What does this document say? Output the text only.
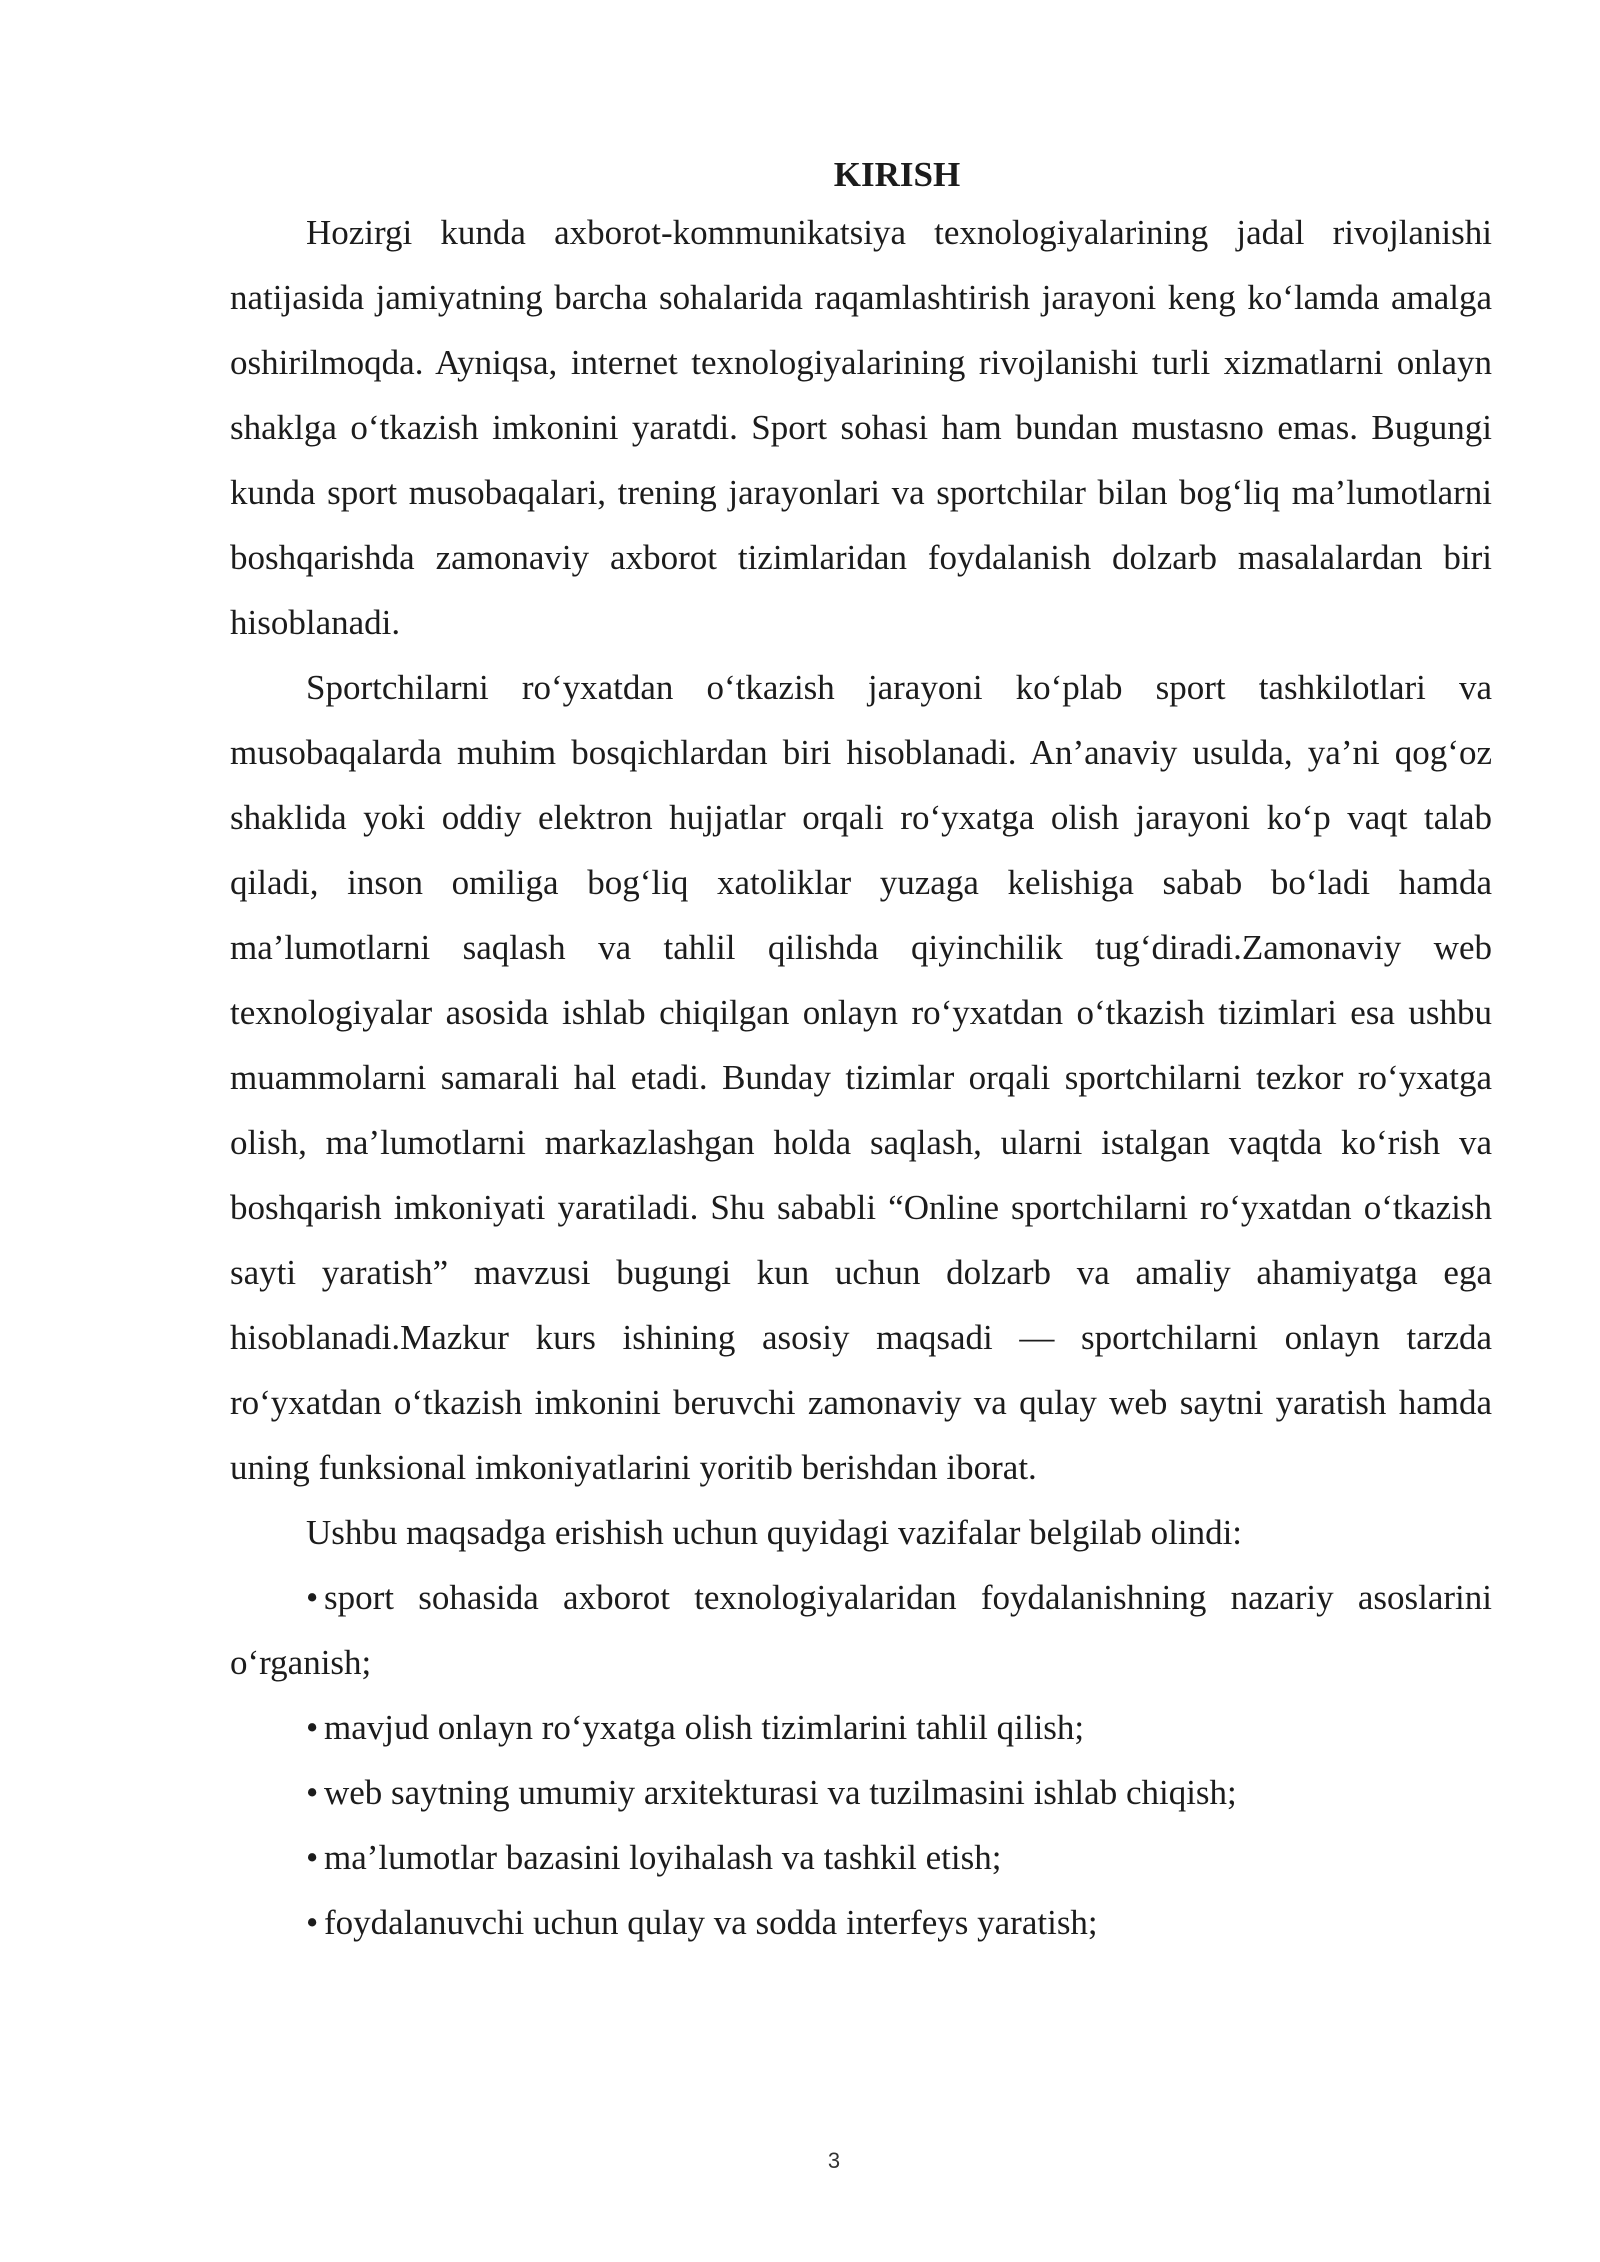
KIRISH

Hozirgi kunda axborot-kommunikatsiya texnologiyalarining jadal rivojlanishi natijasida jamiyatning barcha sohalarida raqamlashtirish jarayoni keng ko‘lamda amalga oshirilmoqda. Ayniqsa, internet texnologiyalarining rivojlanishi turli xizmatlarni onlayn shaklga o‘tkazish imkonini yaratdi. Sport sohasi ham bundan mustasno emas. Bugungi kunda sport musobaqalari, trening jarayonlari va sportchilar bilan bog‘liq ma’lumotlarni boshqarishda zamonaviy axborot tizimlaridan foydalanish dolzarb masalalardan biri hisoblanadi.

Sportchilarni ro‘yxatdan o‘tkazish jarayoni ko‘plab sport tashkilotlari va musobaqalarda muhim bosqichlardan biri hisoblanadi. An’anaviy usulda, ya’ni qog‘oz shaklida yoki oddiy elektron hujjatlar orqali ro‘yxatga olish jarayoni ko‘p vaqt talab qiladi, inson omiliga bog‘liq xatoliklar yuzaga kelishiga sabab bo‘ladi hamda ma’lumotlarni saqlash va tahlil qilishda qiyinchilik tug‘diradi.Zamonaviy web texnologiyalar asosida ishlab chiqilgan onlayn ro‘yxatdan o‘tkazish tizimlari esa ushbu muammolarni samarali hal etadi. Bunday tizimlar orqali sportchilarni tezkor ro‘yxatga olish, ma’lumotlarni markazlashgan holda saqlash, ularni istalgan vaqtda ko‘rish va boshqarish imkoniyati yaratiladi. Shu sababli “Online sportchilarni ro‘yxatdan o‘tkazish sayti yaratish” mavzusi bugungi kun uchun dolzarb va amaliy ahamiyatga ega hisoblanadi.Mazkur kurs ishining asosiy maqsadi — sportchilarni onlayn tarzda ro‘yxatdan o‘tkazish imkonini beruvchi zamonaviy va qulay web saytni yaratish hamda uning funksional imkoniyatlarini yoritib berishdan iborat.

Ushbu maqsadga erishish uchun quyidagi vazifalar belgilab olindi:

• sport sohasida axborot texnologiyalaridan foydalanishning nazariy asoslarini o‘rganish;

• mavjud onlayn ro‘yxatga olish tizimlarini tahlil qilish;

• web saytning umumiy arxitekturasi va tuzilmasini ishlab chiqish;

• ma’lumotlar bazasini loyihalash va tashkil etish;

• foydalanuvchi uchun qulay va sodda interfeys yaratish;

3
